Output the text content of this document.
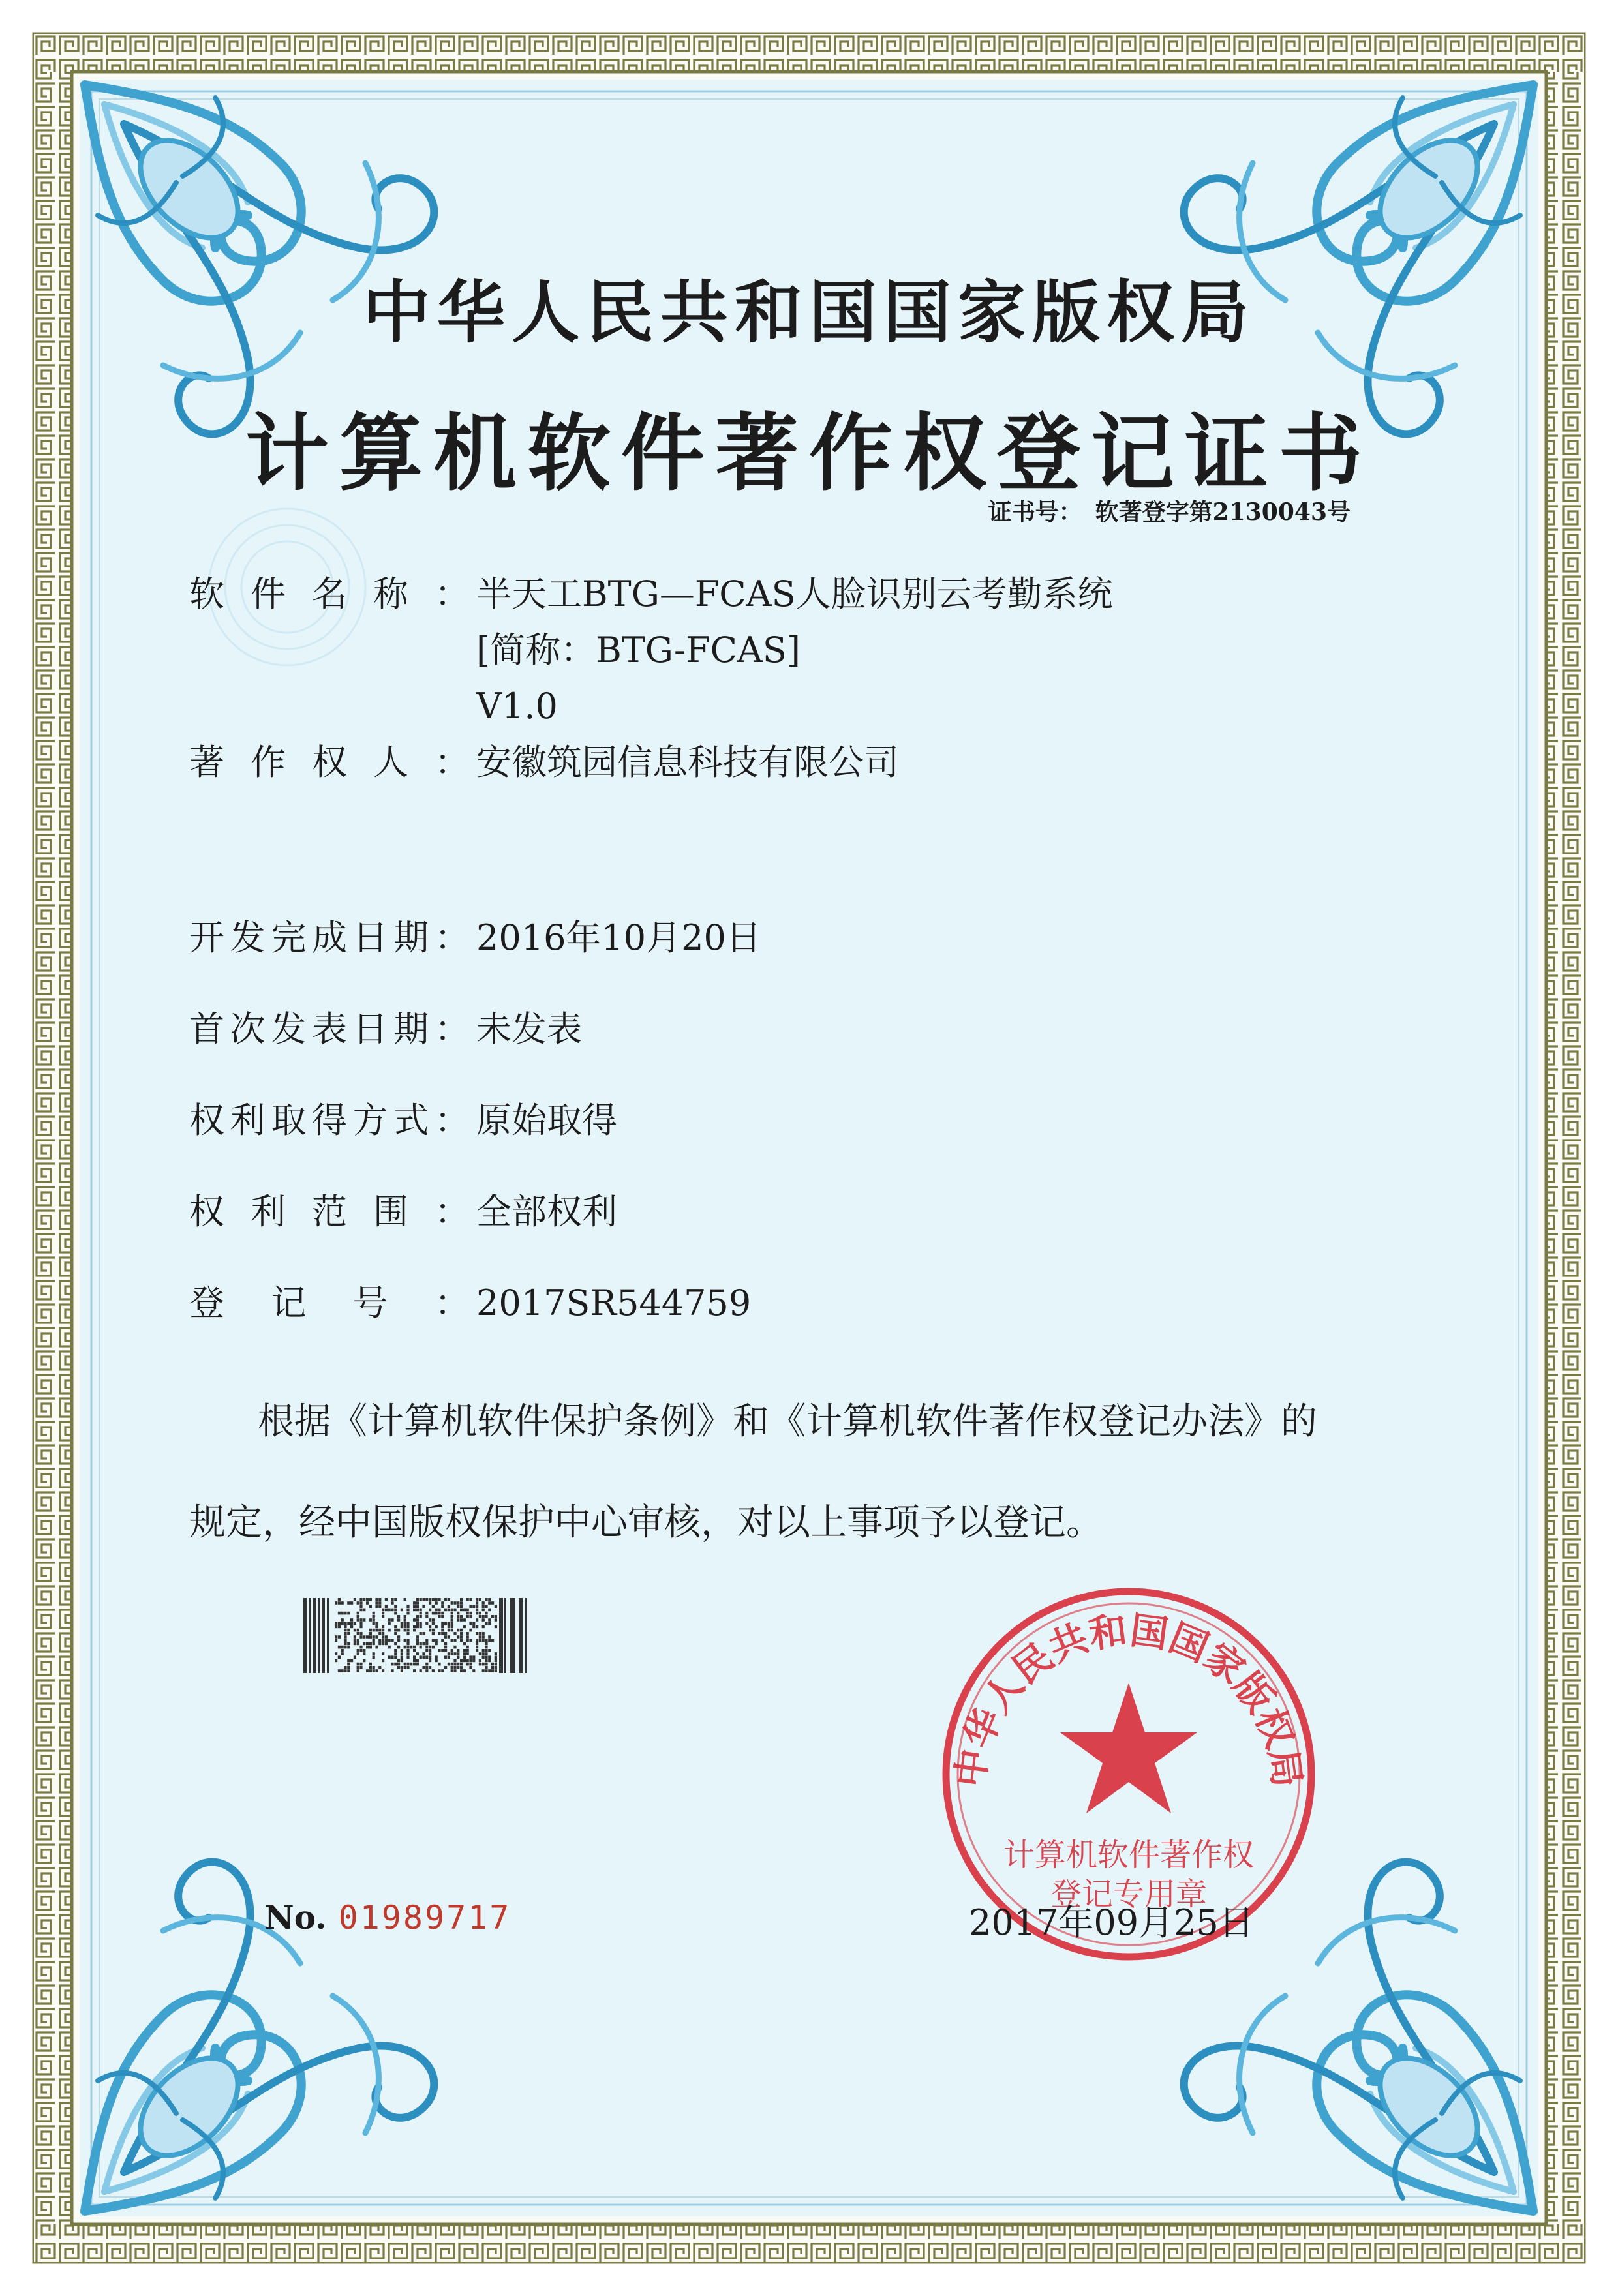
中华人民共和国国家版权局
计算机软件著作权登记证书
证书号： 软著登字第2130043号
软 件 名 称 ： 半天工BTG—FCAS人脸识别云考勤系统
[简称：BTG-FCAS]
V1.0
著 作 权 人 ： 安徽筑园信息科技有限公司
开 发 完 成 日 期 ： 2016年10月20日
首 次 发 表 日 期 ： 未发表
权 利 取 得 方 式 ： 原始取得
权 利 范 围 ： 全部权利
登 记 号 ： 2017SR544759
根据《计算机软件保护条例》和《计算机软件著作权登记办法》的
规定，经中国版权保护中心审核，对以上事项予以登记。
中华人民共和国国家版权局
计算机软件著作权
登记专用章
No. 01989717	2017年09月25日
